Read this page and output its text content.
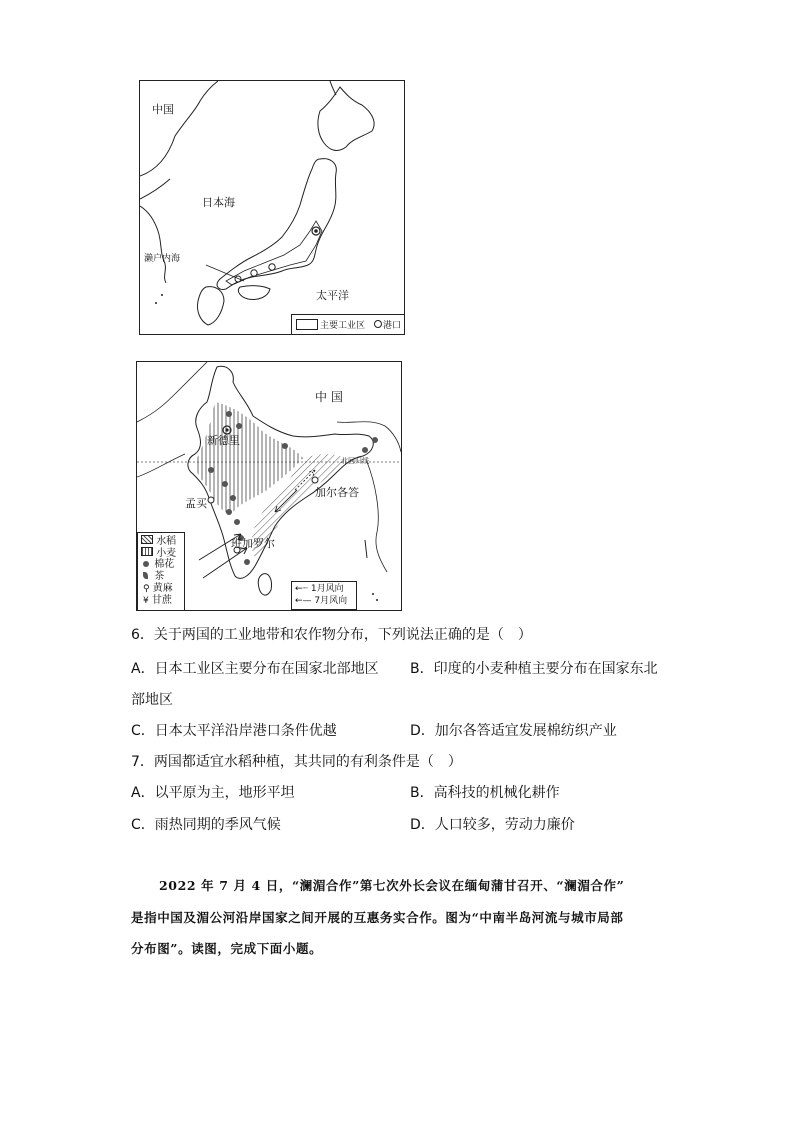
中国
日本海
濑户内海
太平洋
主要工业区 港口
中 国
新德里
孟买
加尔各答
班加罗尔
北回归线
水稻
小麦
棉花
茶
⚲ 黄麻
¥ 甘蔗
←┈ 1月风向
←— 7月风向
6．关于两国的工业地带和农作物分布，下列说法正确的是（　）
A．日本工业区主要分布在国家北部地区 B．印度的小麦种植主要分布在国家东北
部地区
C．日本太平洋沿岸港口条件优越	D．加尔各答适宜发展棉纺织产业
7．两国都适宜水稻种植，其共同的有利条件是（　）
A．以平原为主，地形平坦	B．高科技的机械化耕作
C．雨热同期的季风气候	D．人口较多，劳动力廉价
2022 年 7 月 4 日，“澜湄合作”第七次外长会议在缅甸蒲甘召开、“澜湄合作”
是指中国及湄公河沿岸国家之间开展的互惠务实合作。图为“中南半岛河流与城市局部
分布图”。读图，完成下面小题。
